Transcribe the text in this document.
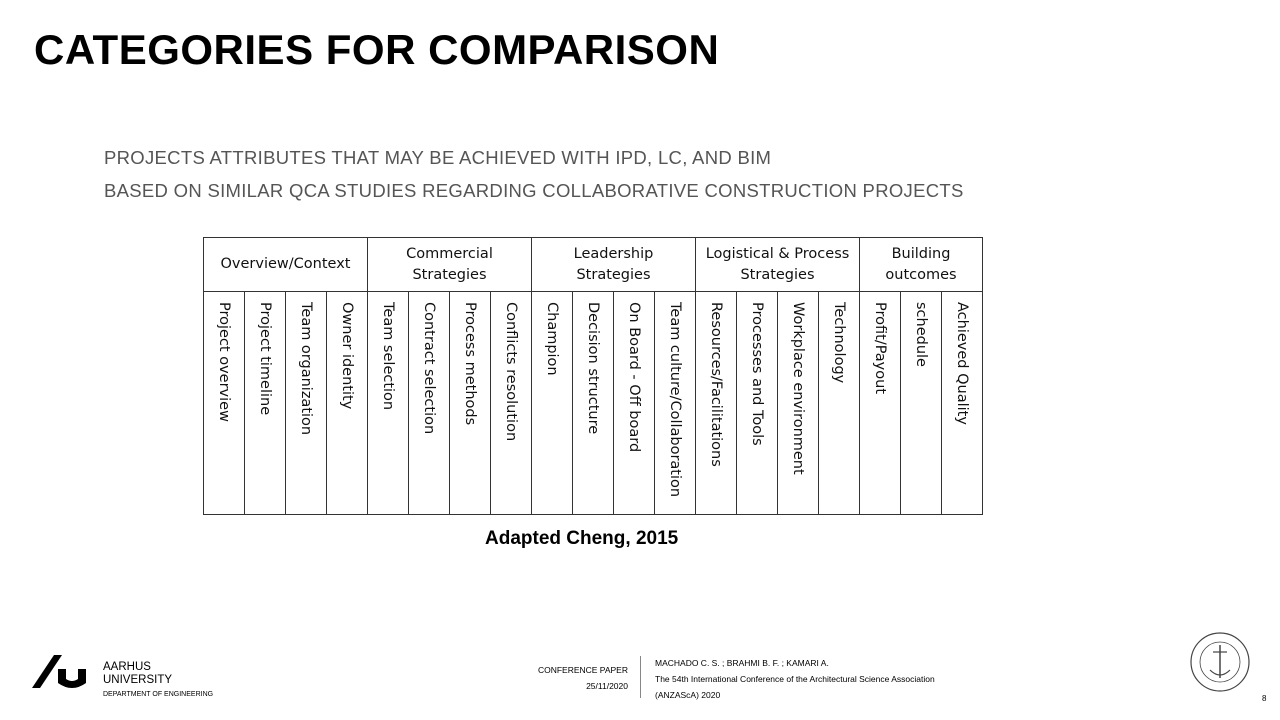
CATEGORIES FOR COMPARISON
PROJECTS ATTRIBUTES THAT MAY BE ACHIEVED WITH IPD, LC, AND BIM
BASED ON SIMILAR QCA STUDIES REGARDING COLLABORATIVE CONSTRUCTION PROJECTS
Overview/Context				Commercial Strategies				Leadership Strategies				Logistical & Process Strategies				Building outcomes		

Project overview	Project timeline	Team organization	Owner identity	Team selection	Contract selection	Process methods	Conflicts resolution	Champion	Decision structure	On Board - Off board	Team culture/Collaboration	Resources/Facilitations	Processes and Tools	Workplace environment	Technology	Profit/Payout	schedule	Achieved Quality
Adapted Cheng, 2015
AARHUS
UNIVERSITY
DEPARTMENT OF ENGINEERING
CONFERENCE PAPER
25/11/2020
MACHADO C. S. ; BRAHMI B. F. ; KAMARI A.
The 54th International Conference of the Architectural Science Association
(ANZAScA) 2020	8
